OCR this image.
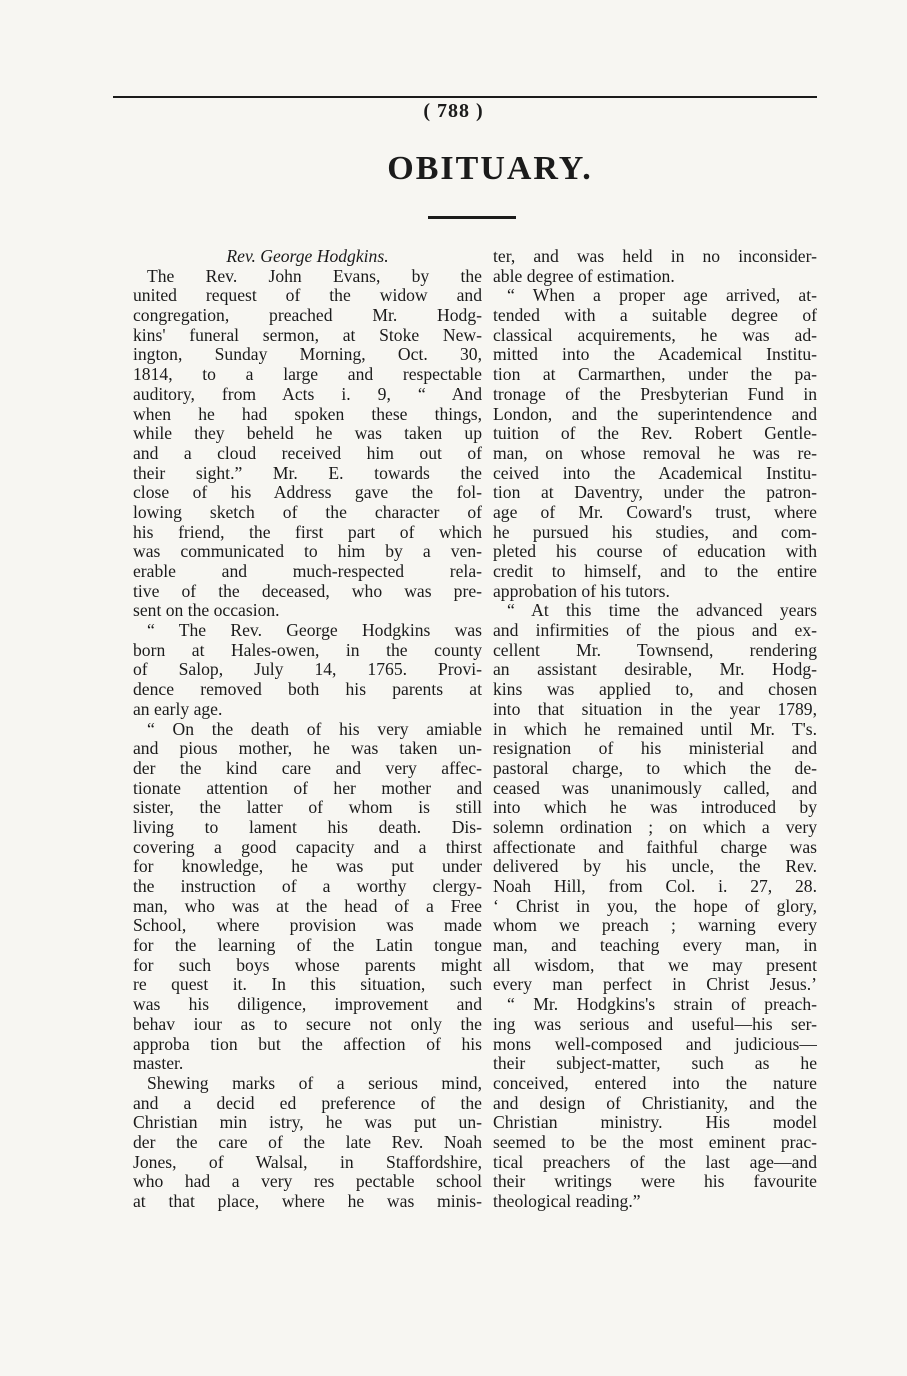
( 788 )
OBITUARY.
Rev. George Hodgkins.
The Rev. John Evans, by the
united request of the widow and
congregation, preached Mr. Hodg-
kins' funeral sermon, at Stoke New-
ington, Sunday Morning, Oct. 30,
1814, to a large and respectable
auditory, from Acts i. 9, “ And
when he had spoken these things,
while they beheld he was taken up
and a cloud received him out of
their sight.” Mr. E. towards the
close of his Address gave the fol-
lowing sketch of the character of
his friend, the first part of which
was communicated to him by a ven-
erable and much-respected rela-
tive of the deceased, who was pre-
sent on the occasion.
“ The Rev. George Hodgkins was
born at Hales-owen, in the county
of Salop, July 14, 1765. Provi-
dence removed both his parents at
an early age.
“ On the death of his very amiable
and pious mother, he was taken un-
der the kind care and very affec-
tionate attention of her mother and
sister, the latter of whom is still
living to lament his death. Dis-
covering a good capacity and a thirst
for knowledge, he was put under
the instruction of a worthy clergy-
man, who was at the head of a Free
School, where provision was made
for the learning of the Latin tongue
for such boys whose parents might
re quest it. In this situation, such
was his diligence, improvement and
behav iour as to secure not only the
approba tion but the affection of his
master.
Shewing marks of a serious mind,
and a decid ed preference of the
Christian min istry, he was put un-
der the care of the late Rev. Noah
Jones, of Walsal, in Staffordshire,
who had a very res pectable school
at that place, where he was minis-
ter, and was held in no inconsider-
able degree of estimation.
“ When a proper age arrived, at-
tended with a suitable degree of
classical acquirements, he was ad-
mitted into the Academical Institu-
tion at Carmarthen, under the pa-
tronage of the Presbyterian Fund in
London, and the superintendence and
tuition of the Rev. Robert Gentle-
man, on whose removal he was re-
ceived into the Academical Institu-
tion at Daventry, under the patron-
age of Mr. Coward's trust, where
he pursued his studies, and com-
pleted his course of education with
credit to himself, and to the entire
approbation of his tutors.
“ At this time the advanced years
and infirmities of the pious and ex-
cellent Mr. Townsend, rendering
an assistant desirable, Mr. Hodg-
kins was applied to, and chosen
into that situation in the year 1789,
in which he remained until Mr. T's.
resignation of his ministerial and
pastoral charge, to which the de-
ceased was unanimously called, and
into which he was introduced by
solemn ordination ; on which a very
affectionate and faithful charge was
delivered by his uncle, the Rev.
Noah Hill, from Col. i. 27, 28.
‘ Christ in you, the hope of glory,
whom we preach ; warning every
man, and teaching every man, in
all wisdom, that we may present
every man perfect in Christ Jesus.’
“ Mr. Hodgkins's strain of preach-
ing was serious and useful—his ser-
mons well-composed and judicious—
their subject-matter, such as he
conceived, entered into the nature
and design of Christianity, and the
Christian ministry. His model
seemed to be the most eminent prac-
tical preachers of the last age—and
their writings were his favourite
theological reading.”
